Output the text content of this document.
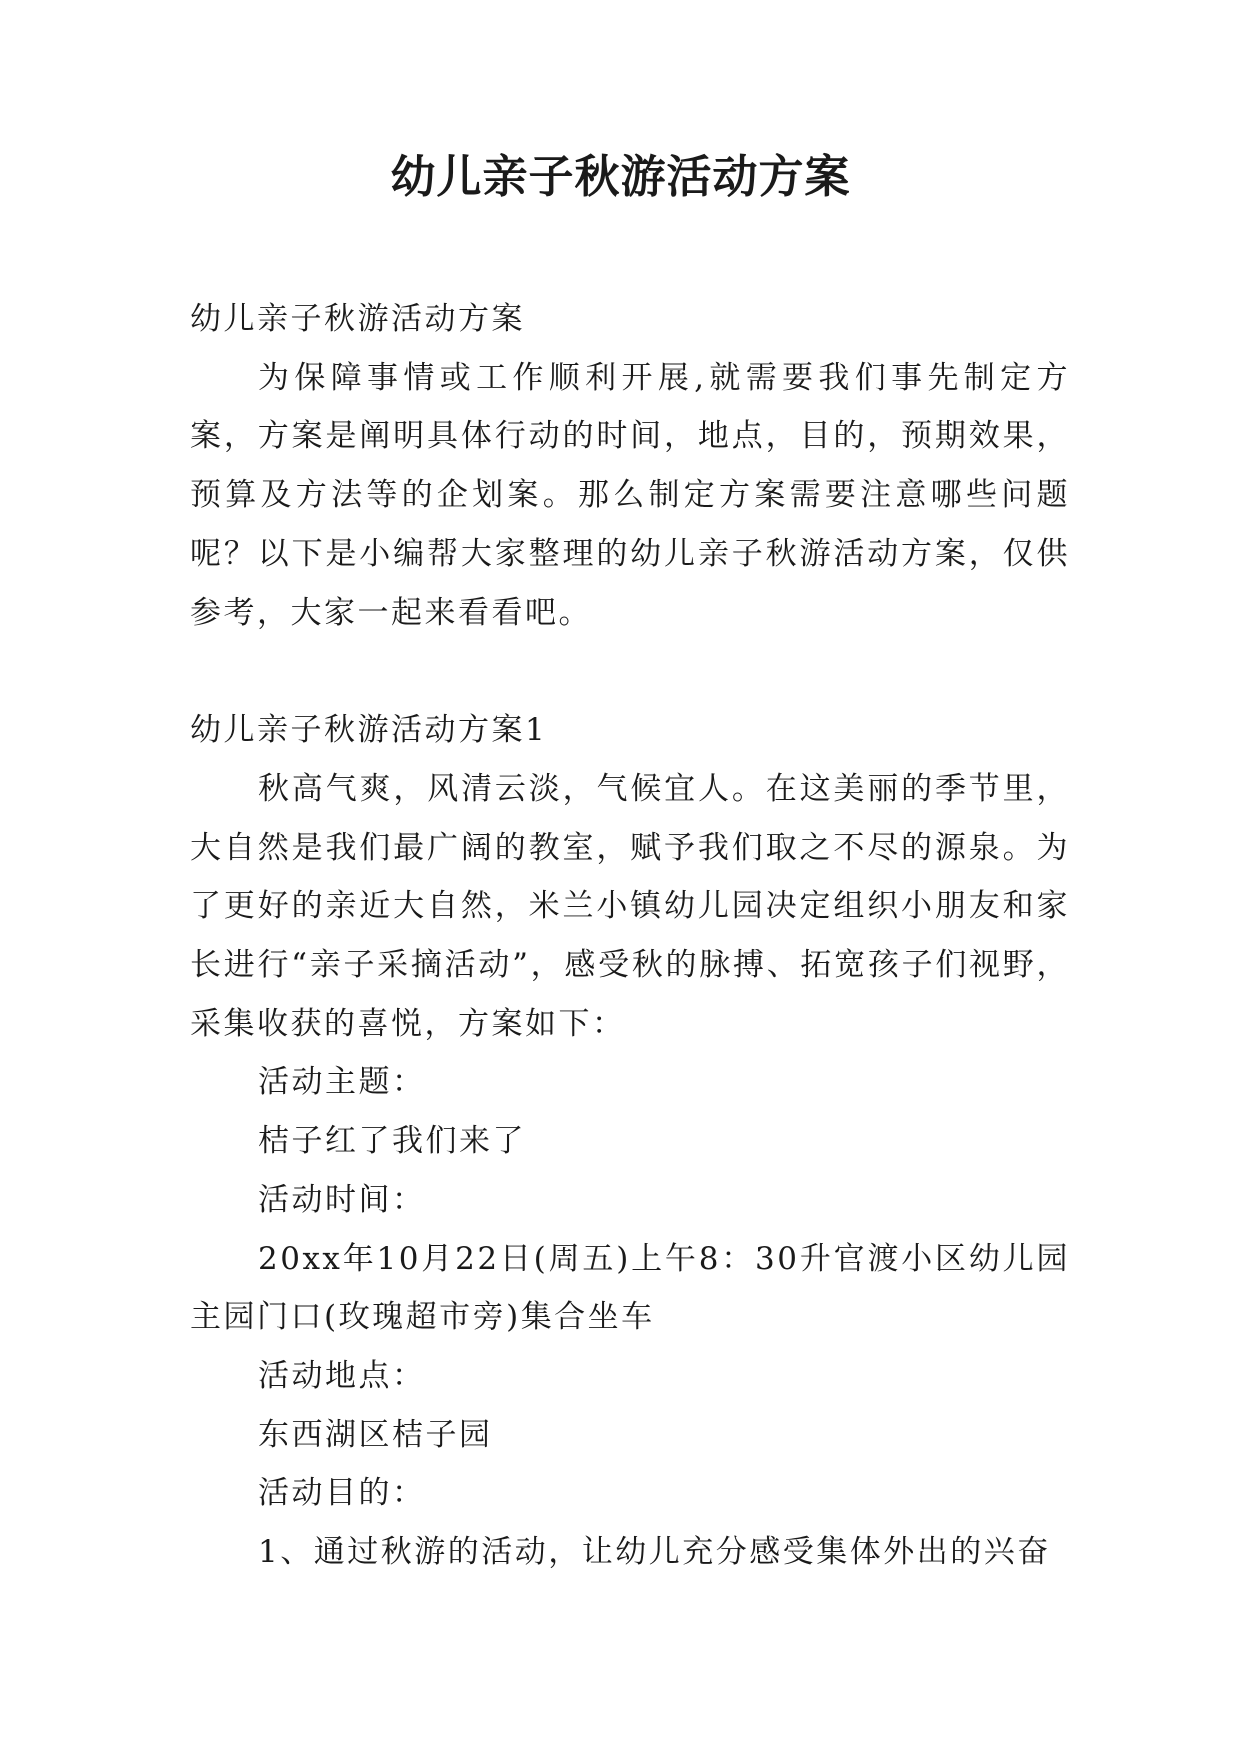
幼儿亲子秋游活动方案

幼儿亲子秋游活动方案

为保障事情或工作顺利开展,就需要我们事先制定方案，方案是阐明具体行动的时间，地点，目的，预期效果，预算及方法等的企划案。那么制定方案需要注意哪些问题呢？以下是小编帮大家整理的幼儿亲子秋游活动方案，仅供参考，大家一起来看看吧。

幼儿亲子秋游活动方案1

秋高气爽，风清云淡，气候宜人。在这美丽的季节里，大自然是我们最广阔的教室，赋予我们取之不尽的源泉。为了更好的亲近大自然，米兰小镇幼儿园决定组织小朋友和家长进行“亲子采摘活动”，感受秋的脉搏、拓宽孩子们视野，采集收获的喜悦，方案如下：

活动主题：

桔子红了我们来了

活动时间：

20xx年10月22日(周五)上午8：30升官渡小区幼儿园主园门口(玫瑰超市旁)集合坐车

活动地点：

东西湖区桔子园

活动目的：

1、通过秋游的活动，让幼儿充分感受集体外出的兴奋
